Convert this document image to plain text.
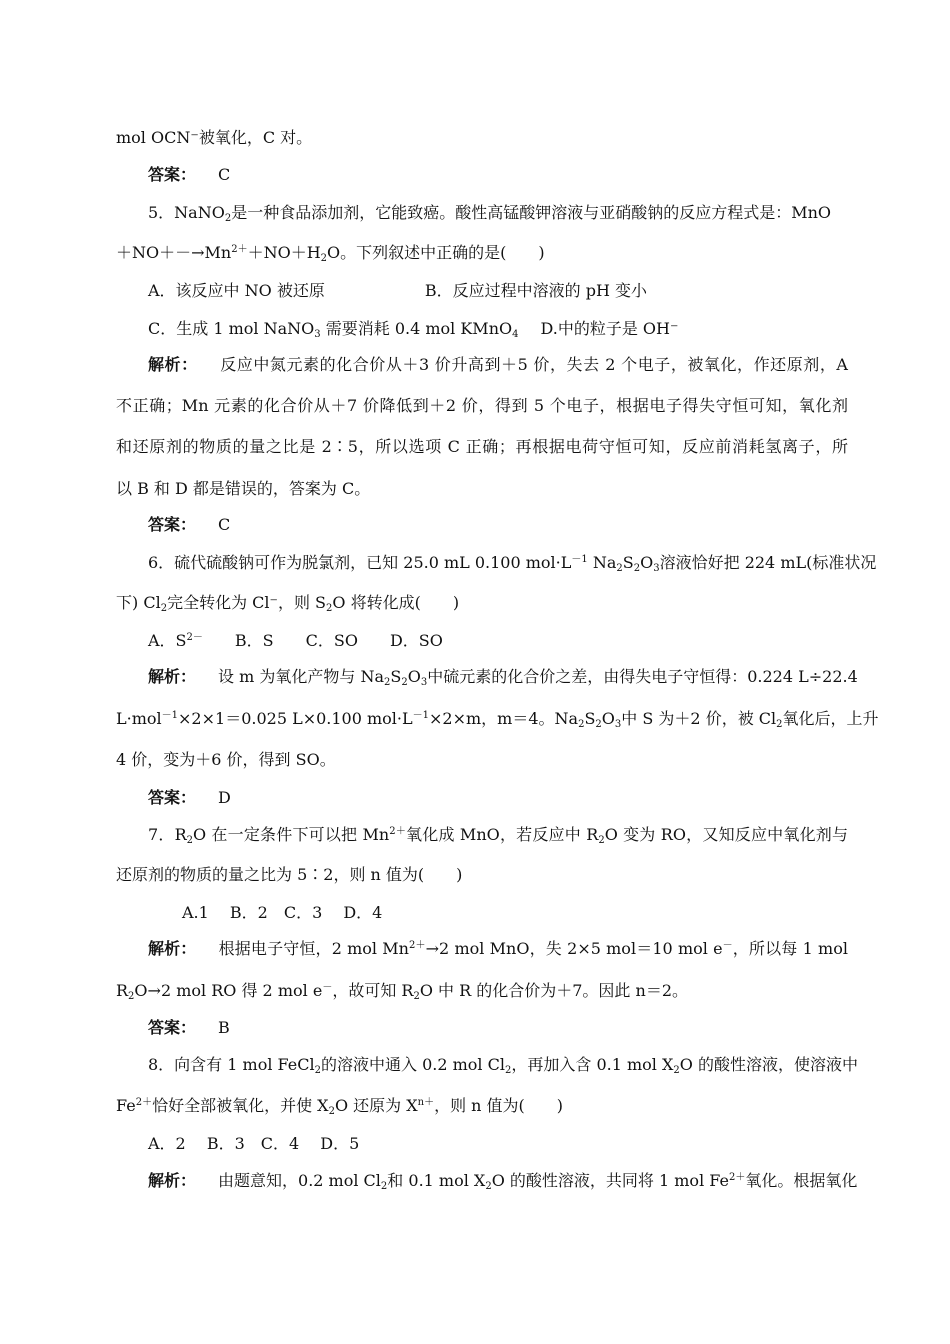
mol OCN⁻被氧化，C 对。
答案： C
5．NaNO$_2$是一种食品添加剂，它能致癌。酸性高锰酸钾溶液与亚硝酸钠的反应方程式是：MnO
$+NO+-\to Mn^{2+}+NO+H_2O$。下列叙述中正确的是(　　)
A．该反应中 NO 被还原	B．反应过程中溶液的 pH 变小
C．生成 1 mol NaNO$_3$ 需要消耗 0.4 mol KMnO$_4$ D.中的粒子是 OH⁻
解析： 反应中氮元素的化合价从＋3 价升高到＋5 价，失去 2 个电子，被氧化，作还原剂，A
不正确；Mn 元素的化合价从＋7 价降低到＋2 价，得到 5 个电子，根据电子得失守恒可知，氧化剂
和还原剂的物质的量之比是 2∶5，所以选项 C 正确；再根据电荷守恒可知，反应前消耗氢离子，所
以 B 和 D 都是错误的，答案为 C。
答案： C
6．硫代硫酸钠可作为脱氯剂，已知 25.0 mL 0.100 $mol\cdot L^{-1}$ $Na_2S_2O_3$溶液恰好把 224 mL(标准状况
下) $Cl_2$完全转化为 Cl⁻，则 $S_2O$ 将转化成(　　)
A．$S^{2-}$　　B．S　　C．SO　　D．SO
解析： 设 m 为氧化产物与 $Na_2S_2O_3$中硫元素的化合价之差，由得失电子守恒得：0.224 L÷22.4
L·mol$^{-1}$×2×1＝0.025 L×0.100 $mol\cdot L^{-1}\times 2\times m$，m＝4。$Na_2S_2O_3$中 S 为＋2 价，被 $Cl_2$氧化后，上升
4 价，变为＋6 价，得到 SO。
答案： D
7．$R_2O$ 在一定条件下可以把 $Mn^{2+}$氧化成 MnO，若反应中 $R_2O$ 变为 RO，又知反应中氧化剂与
还原剂的物质的量之比为 5∶2，则 n 值为(　　)
A.1　 B．2　C．3　 D．4
解析： 根据电子守恒，2 mol $Mn^{2+}\to 2$ mol MnO，失 2×5 mol＝10 mol e－，所以每 1 mol
$R_2O\to 2$ mol RO 得 2 mol e－，故可知 $R_2O$ 中 R 的化合价为＋7。因此 n＝2。
答案： B
8．向含有 1 mol FeCl$_2$的溶液中通入 0.2 mol $Cl_2$，再加入含 0.1 mol $X_2O$ 的酸性溶液，使溶液中
$Fe^{2+}$恰好全部被氧化，并使 $X_2O$ 还原为 $X^{n+}$，则 n 值为(　　)
A．2　 B．3　C．4　 D．5
解析： 由题意知，0.2 mol $Cl_2$和 0.1 mol $X_2O$ 的酸性溶液，共同将 1 mol $Fe^{2+}$氧化。根据氧化
